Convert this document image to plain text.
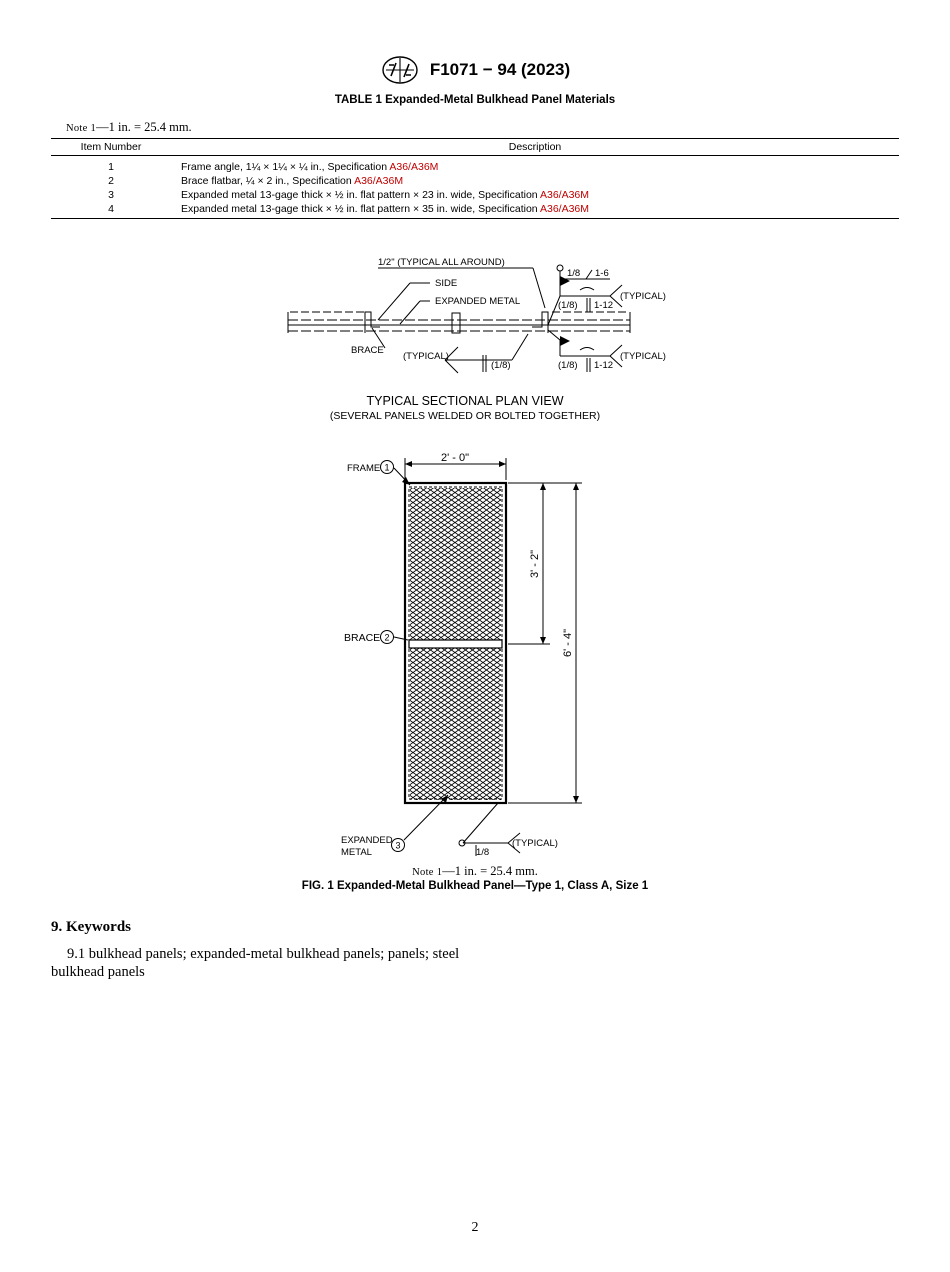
F1071 − 94 (2023)
TABLE 1 Expanded-Metal Bulkhead Panel Materials
Note 1—1 in. = 25.4 mm.
Item Number	Description
1	Frame angle, 1¼ × 1¼ × ¼ in., Specification A36/A36M
2	Brace flatbar, ¼ × 2 in., Specification A36/A36M
3	Expanded metal 13-gage thick × ½ in. flat pattern × 23 in. wide, Specification A36/A36M
4	Expanded metal 13-gage thick × ½ in. flat pattern × 35 in. wide, Specification A36/A36M
1/2" (TYPICAL ALL AROUND)
SIDE
EXPANDED METAL
BRACE
(TYPICAL)
(1/8)
1/8 1-6
(1/8) 1-12
(TYPICAL)
(1/8) 1-12
(TYPICAL)
TYPICAL SECTIONAL PLAN VIEW
(SEVERAL PANELS WELDED OR BOLTED TOGETHER)
FRAME 1
BRACE 2
EXPANDED
METAL
3
2' - 0"
3' - 2"
6' - 4"
(TYPICAL)
1/8
Note 1—1 in. = 25.4 mm.
FIG. 1 Expanded-Metal Bulkhead Panel—Type 1, Class A, Size 1
9. Keywords
9.1 bulkhead panels; expanded-metal bulkhead panels; panels; steel bulkhead panels
2
